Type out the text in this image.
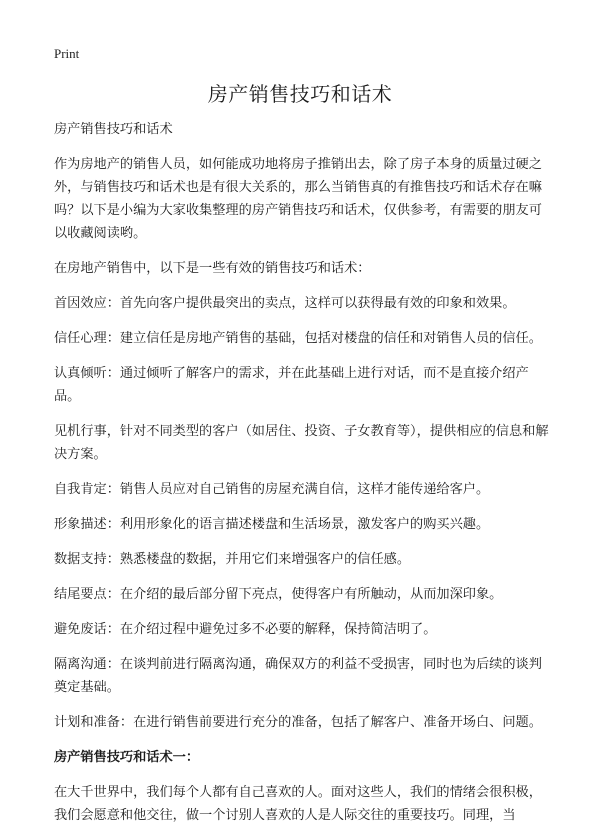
Print
房产销售技巧和话术

房产销售技巧和话术

作为房地产的销售人员，如何能成功地将房子推销出去，除了房子本身的质量过硬之外，与销售技巧和话术也是有很大关系的，那么当销售真的有推售技巧和话术存在嘛吗？以下是小编为大家收集整理的房产销售技巧和话术，仅供参考，有需要的朋友可以收藏阅读哟。

在房地产销售中，以下是一些有效的销售技巧和话术：

首因效应：首先向客户提供最突出的卖点，这样可以获得最有效的印象和效果。

信任心理：建立信任是房地产销售的基础，包括对楼盘的信任和对销售人员的信任。

认真倾听：通过倾听了解客户的需求，并在此基础上进行对话，而不是直接介绍产品。

见机行事，针对不同类型的客户（如居住、投资、子女教育等），提供相应的信息和解决方案。

自我肯定：销售人员应对自己销售的房屋充满自信，这样才能传递给客户。

形象描述：利用形象化的语言描述楼盘和生活场景，激发客户的购买兴趣。

数据支持：熟悉楼盘的数据，并用它们来增强客户的信任感。

结尾要点：在介绍的最后部分留下亮点，使得客户有所触动，从而加深印象。

避免废话：在介绍过程中避免过多不必要的解释，保持简洁明了。

隔离沟通：在谈判前进行隔离沟通，确保双方的利益不受损害，同时也为后续的谈判奠定基础。

计划和准备：在进行销售前要进行充分的准备，包括了解客户、准备开场白、问题。

房产销售技巧和话术一：

在大千世界中，我们每个人都有自己喜欢的人。面对这些人，我们的情绪会很积极，我们会愿意和他交往，做一个讨别人喜欢的人是人际交往的重要技巧。同理，当
